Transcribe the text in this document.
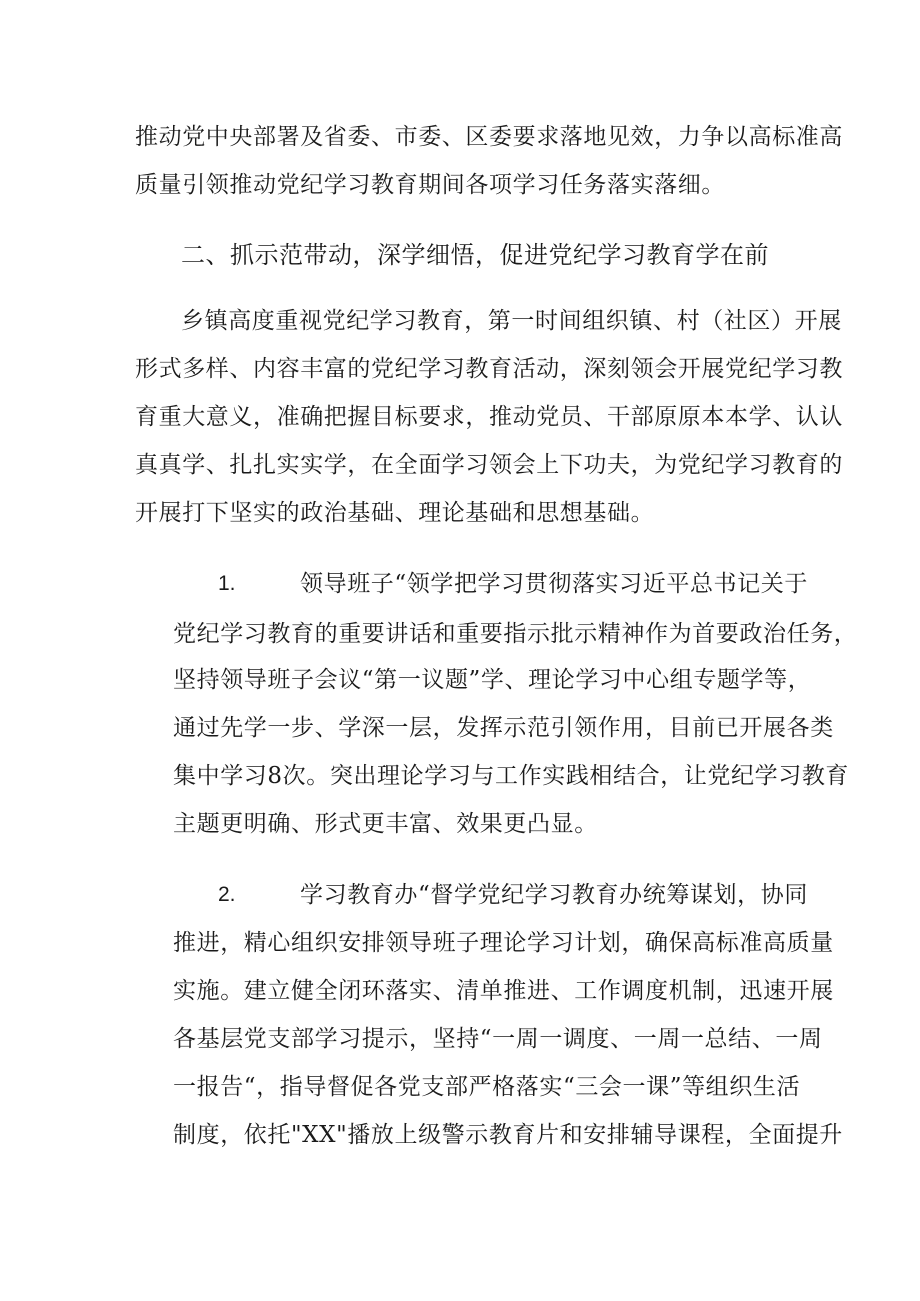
推动党中央部署及省委、市委、区委要求落地见效，力争以高标准高
质量引领推动党纪学习教育期间各项学习任务落实落细。
二、抓示范带动，深学细悟，促进党纪学习教育学在前
乡镇高度重视党纪学习教育，第一时间组织镇、村（社区）开展
形式多样、内容丰富的党纪学习教育活动，深刻领会开展党纪学习教
育重大意义，准确把握目标要求，推动党员、干部原原本本学、认认
真真学、扎扎实实学，在全面学习领会上下功夫，为党纪学习教育的
开展打下坚实的政治基础、理论基础和思想基础。
1.	领导班子“领学把学习贯彻落实习近平总书记关于
党纪学习教育的重要讲话和重要指示批示精神作为首要政治任务，
坚持领导班子会议“第一议题”学、理论学习中心组专题学等，
通过先学一步、学深一层，发挥示范引领作用，目前已开展各类
集中学习8次。突出理论学习与工作实践相结合，让党纪学习教育
主题更明确、形式更丰富、效果更凸显。
2.	学习教育办“督学党纪学习教育办统筹谋划，协同
推进，精心组织安排领导班子理论学习计划，确保高标准高质量
实施。建立健全闭环落实、清单推进、工作调度机制，迅速开展
各基层党支部学习提示，坚持“一周一调度、一周一总结、一周
一报告“，指导督促各党支部严格落实“三会一课”等组织生活
制度，依托"XX"播放上级警示教育片和安排辅导课程，全面提升
